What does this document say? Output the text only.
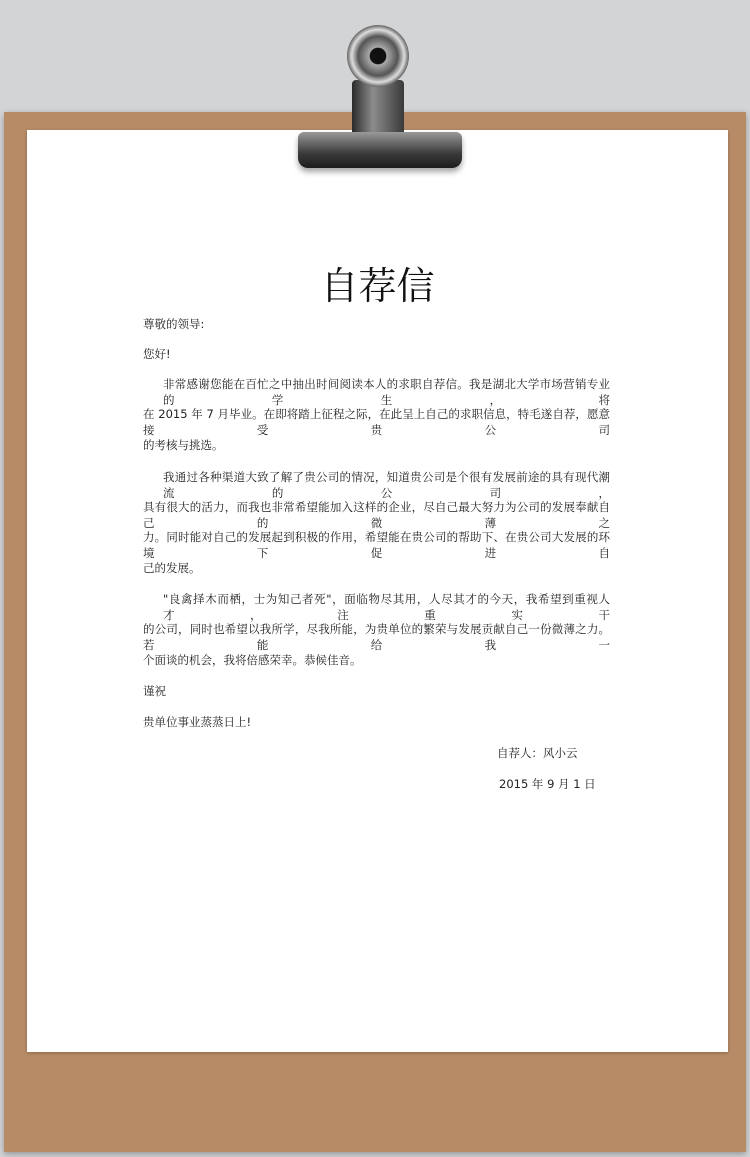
自荐信
尊敬的领导:
您好!
非常感谢您能在百忙之中抽出时间阅读本人的求职自荐信。我是湖北大学市场营销专业的学生，将
在 2015 年 7 月毕业。在即将踏上征程之际，在此呈上自己的求职信息，特毛遂自荐，愿意接受贵公司
的考核与挑选。
我通过各种渠道大致了解了贵公司的情况，知道贵公司是个很有发展前途的具有现代潮流的公司，
具有很大的活力，而我也非常希望能加入这样的企业，尽自己最大努力为公司的发展奉献自己的微薄之
力。同时能对自己的发展起到积极的作用，希望能在贵公司的帮助下、在贵公司大发展的环境下促进自
己的发展。
"良禽择木而栖，士为知己者死"，面临物尽其用，人尽其才的今天，我希望到重视人才，注重实干
的公司，同时也希望以我所学，尽我所能，为贵单位的繁荣与发展贡献自己一份微薄之力。若能给我一
个面谈的机会，我将倍感荣幸。恭候佳音。
谨祝
贵单位事业蒸蒸日上!
自荐人：风小云
2015 年 9 月 1 日
